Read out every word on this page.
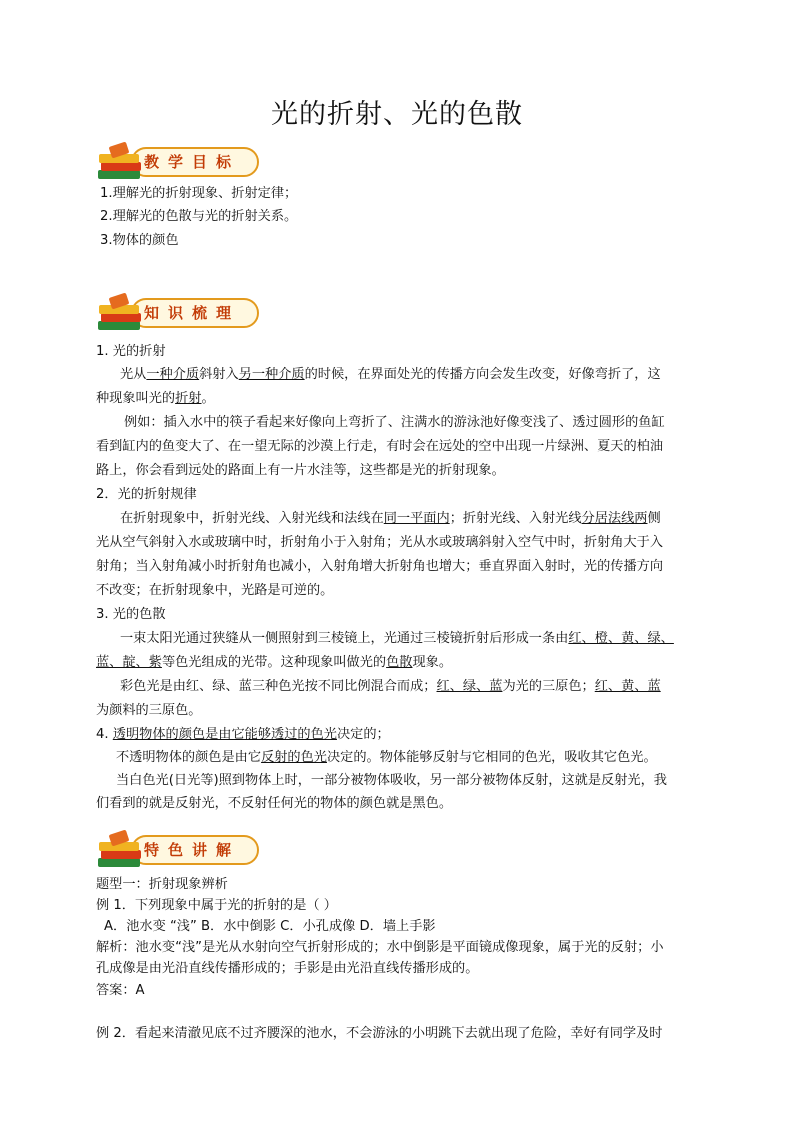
光的折射、光的色散
教学目标
1.理解光的折射现象、折射定律；
2.理解光的色散与光的折射关系。
3.物体的颜色
知识梳理
1. 光的折射
光从一种介质斜射入另一种介质的时候，在界面处光的传播方向会发生改变，好像弯折了，这
种现象叫光的折射。
例如：插入水中的筷子看起来好像向上弯折了、注满水的游泳池好像变浅了、透过圆形的鱼缸
看到缸内的鱼变大了、在一望无际的沙漠上行走，有时会在远处的空中出现一片绿洲、夏天的柏油
路上，你会看到远处的路面上有一片水洼等，这些都是光的折射现象。
2．光的折射规律
在折射现象中，折射光线、入射光线和法线在同一平面内；折射光线、入射光线分居法线两侧
光从空气斜射入水或玻璃中时，折射角小于入射角；光从水或玻璃斜射入空气中时，折射角大于入
射角；当入射角减小时折射角也减小，入射角增大折射角也增大；垂直界面入射时，光的传播方向
不改变；在折射现象中，光路是可逆的。
3. 光的色散
一束太阳光通过狭缝从一侧照射到三棱镜上，光通过三棱镜折射后形成一条由红、橙、黄、绿、
蓝、靛、紫等色光组成的光带。这种现象叫做光的色散现象。
彩色光是由红、绿、蓝三种色光按不同比例混合而成；红、绿、蓝为光的三原色；红、黄、蓝
为颜料的三原色。
4. 透明物体的颜色是由它能够透过的色光决定的；
不透明物体的颜色是由它反射的色光决定的。物体能够反射与它相同的色光，吸收其它色光。
当白色光(日光等)照到物体上时，一部分被物体吸收，另一部分被物体反射，这就是反射光，我
们看到的就是反射光，不反射任何光的物体的颜色就是黑色。
特色讲解
题型一：折射现象辨析
例 1．下列现象中属于光的折射的是（ ）
A．池水变 “浅” B．水中倒影 C．小孔成像 D．墙上手影
解析：池水变“浅”是光从水射向空气折射形成的；水中倒影是平面镜成像现象，属于光的反射；小
孔成像是由光沿直线传播形成的；手影是由光沿直线传播形成的。
答案：A
例 2．看起来清澈见底不过齐腰深的池水，不会游泳的小明跳下去就出现了危险，幸好有同学及时
